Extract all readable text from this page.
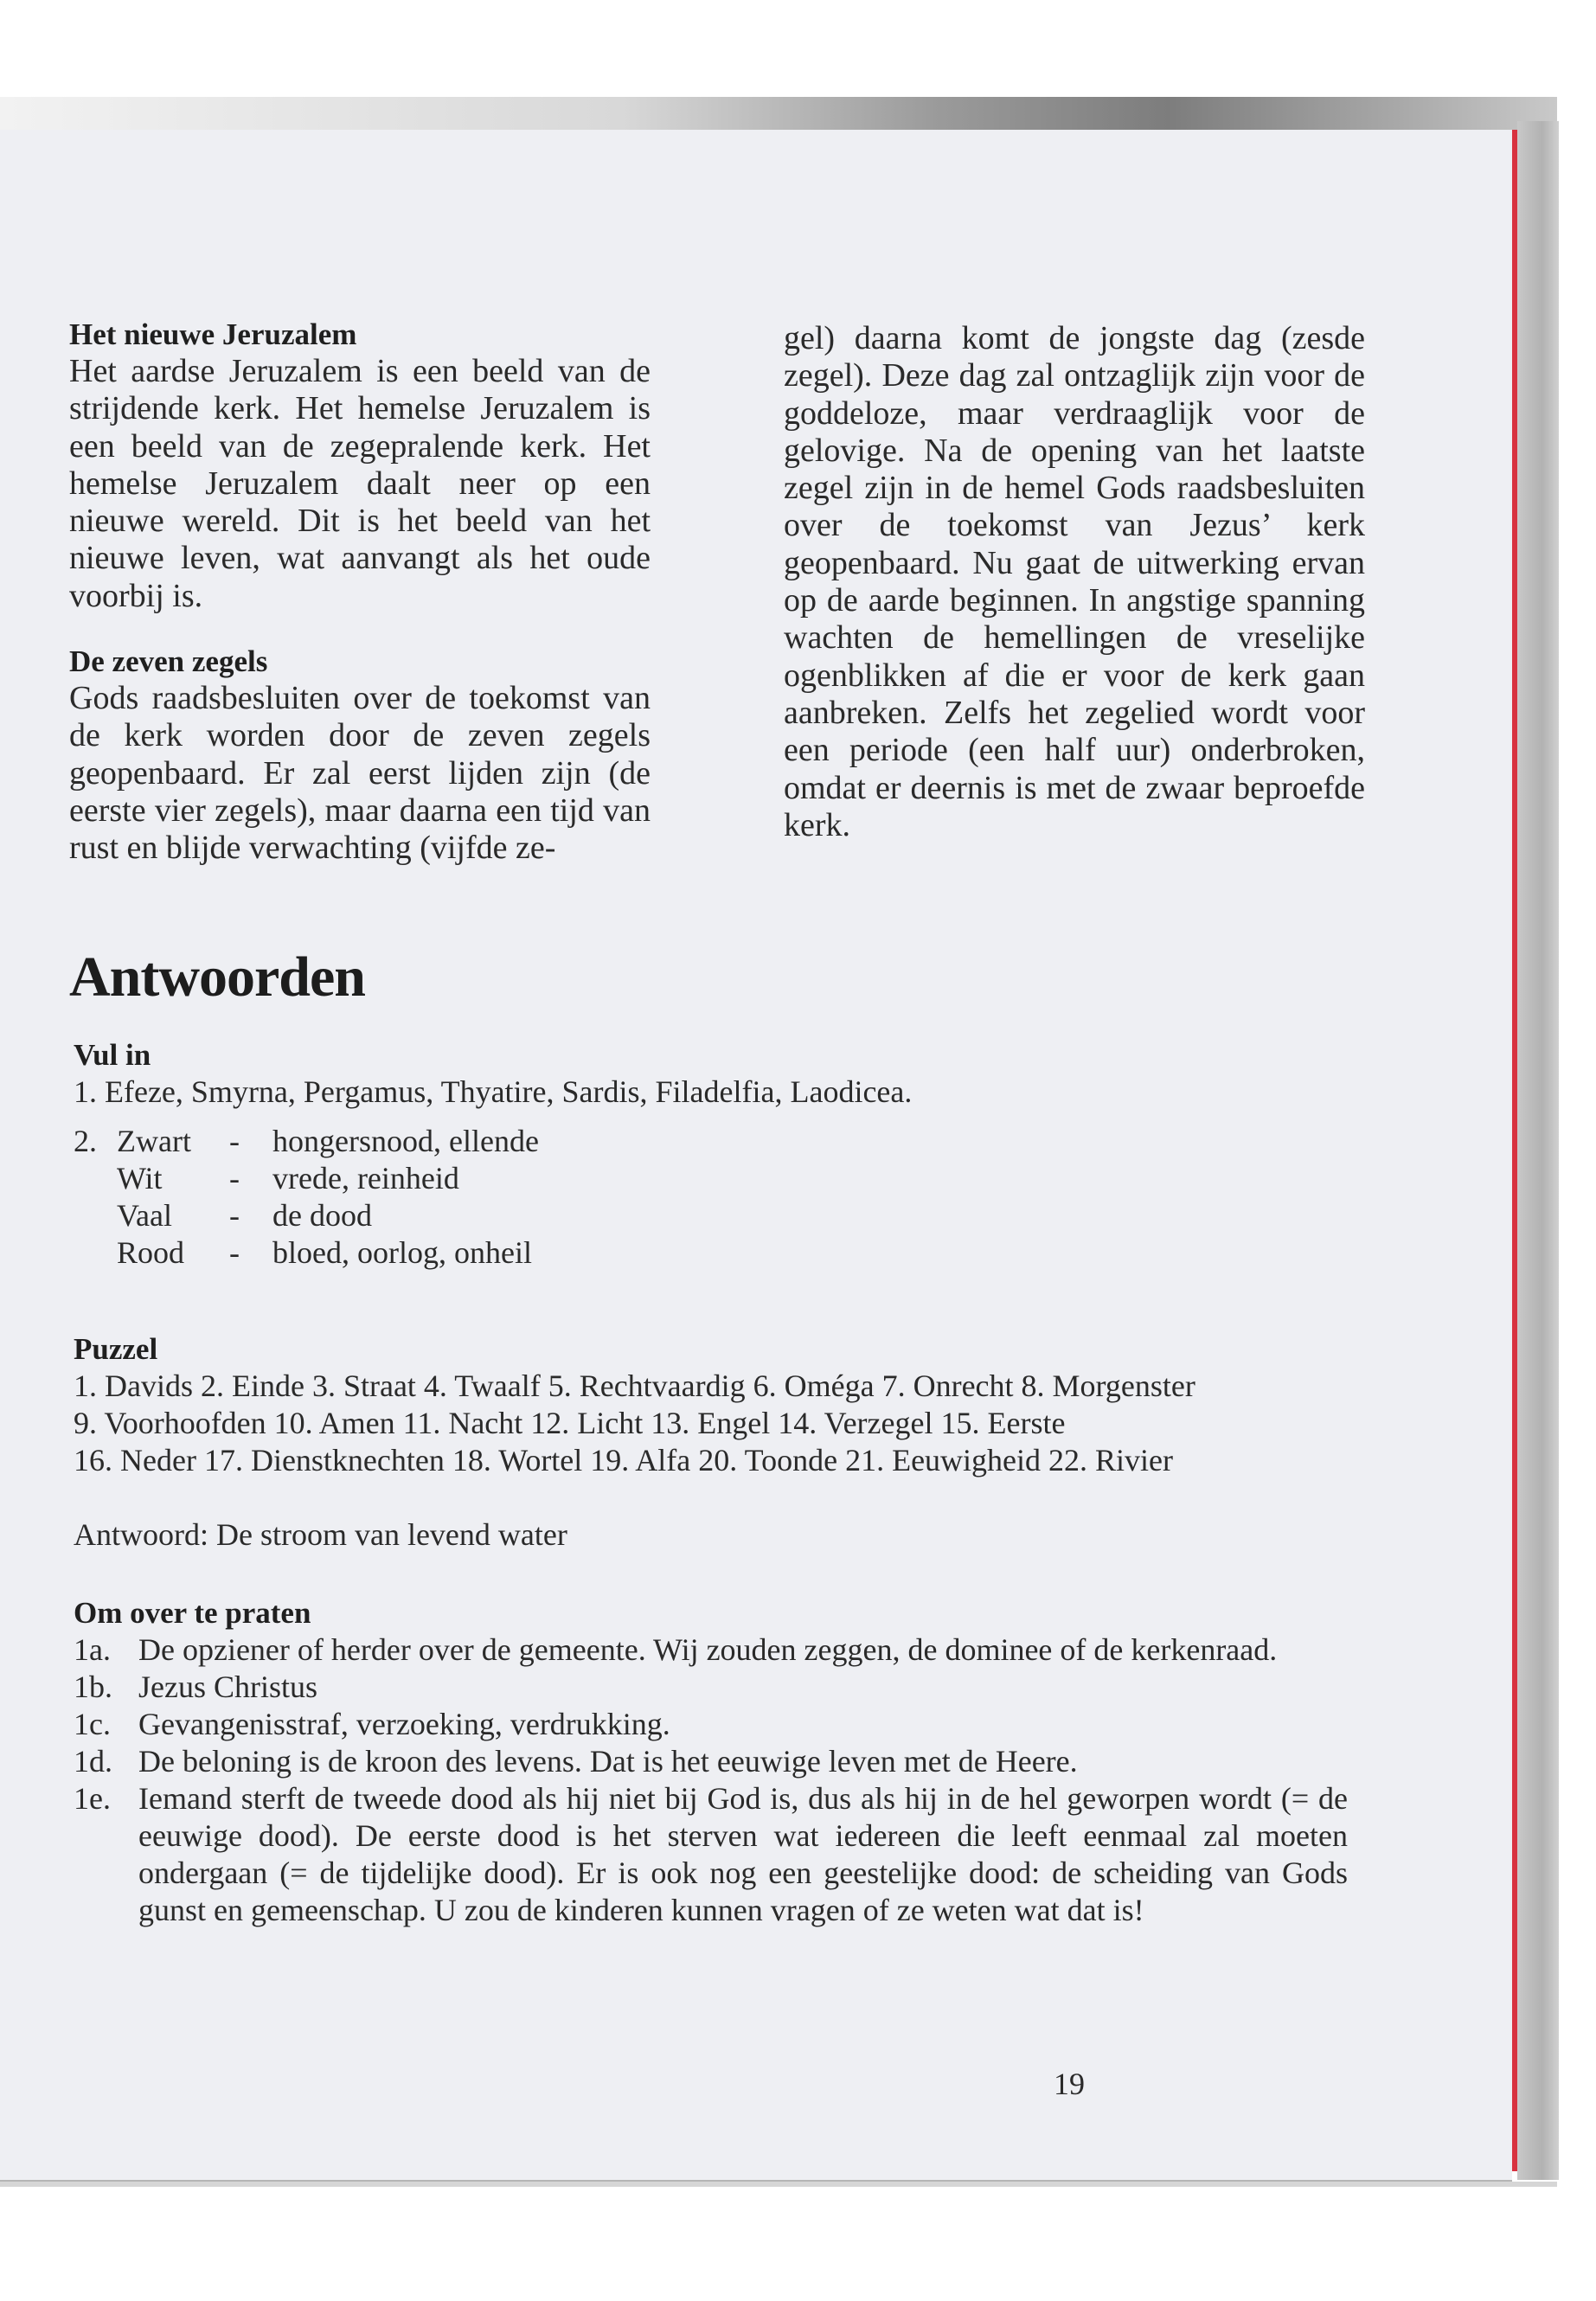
Het nieuwe Jeruzalem

Het aardse Jeruzalem is een beeld van de strijdende kerk. Het hemelse Jeruzalem is een beeld van de zegepralende kerk. Het hemelse Jeruzalem daalt neer op een nieuwe wereld. Dit is het beeld van het nieuwe leven, wat aanvangt als het oude voorbij is.

De zeven zegels

Gods raadsbesluiten over de toekomst van de kerk worden door de zeven zegels geopenbaard. Er zal eerst lijden zijn (de eerste vier zegels), maar daarna een tijd van rust en blijde verwachting (vijfde ze-

gel) daarna komt de jongste dag (zesde zegel). Deze dag zal ontzaglijk zijn voor de goddeloze, maar verdraaglijk voor de gelovige. Na de opening van het laatste zegel zijn in de hemel Gods raadsbesluiten over de toekomst van Jezus’ kerk geopenbaard. Nu gaat de uitwerking ervan op de aarde beginnen. In angstige spanning wachten de hemellingen de vreselijke ogenblikken af die er voor de kerk gaan aanbreken. Zelfs het zegelied wordt voor een periode (een half uur) onderbroken, omdat er deernis is met de zwaar beproefde kerk.

Antwoorden
Vul in

1. Efeze, Smyrna, Pergamus, Thyatire, Sardis, Filadelfia, Laodicea.

2. Zwart	-	hongersnood, ellende
Wit	-	vrede, reinheid
Vaal	-	de dood
Rood	-	bloed, oorlog, onheil
Puzzel

1. Davids 2. Einde 3. Straat 4. Twaalf 5. Rechtvaardig 6. Oméga 7. Onrecht 8. Morgenster

9. Voorhoofden 10. Amen 11. Nacht 12. Licht 13. Engel 14. Verzegel 15. Eerste

16. Neder 17. Dienstknechten 18. Wortel 19. Alfa 20. Toonde 21. Eeuwigheid 22. Rivier

Antwoord: De stroom van levend water

Om over te praten
1a. De opziener of herder over de gemeente. Wij zouden zeggen, de dominee of de kerkenraad.
1b. Jezus Christus
1c. Gevangenisstraf, verzoeking, verdrukking.
1d. De beloning is de kroon des levens. Dat is het eeuwige leven met de Heere.
1e. Iemand sterft de tweede dood als hij niet bij God is, dus als hij in de hel geworpen wordt (= de eeuwige dood). De eerste dood is het sterven wat iedereen die leeft eenmaal zal moeten ondergaan (= de tijdelijke dood). Er is ook nog een geestelijke dood: de scheiding van Gods gunst en gemeenschap. U zou de kinderen kunnen vragen of ze weten wat dat is!
19
